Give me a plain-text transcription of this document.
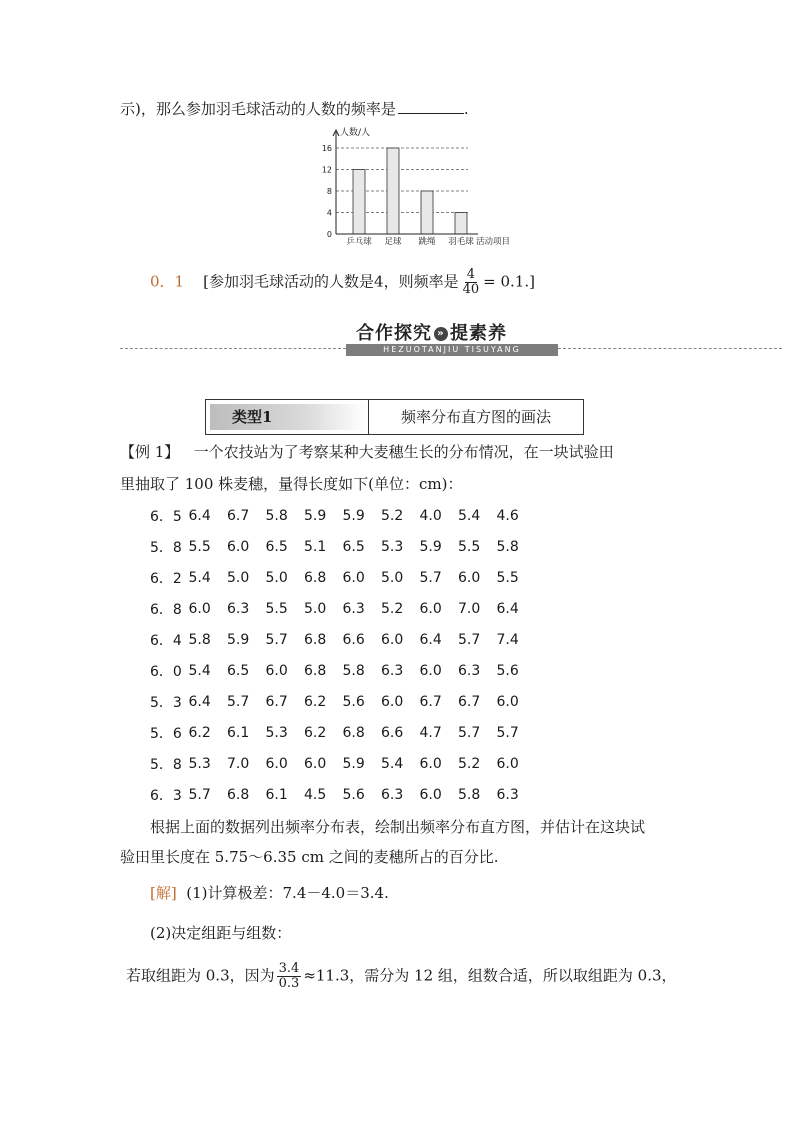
示)，那么参加羽毛球活动的人数的频率是	.
0
4
8
12
16
乒乓球 足球 跳绳 羽毛球
人数/人
活动项目
0．1 [参加羽毛球活动的人数是4，则频率是 $\frac{4}{40} = 0.1$.]
合作探究 » 提素养
HEZUOTANJIU TISUYANG
类型1	频率分布直方图的画法
【例 1】 一个农技站为了考察某种大麦穗生长的分布情况，在一块试验田
里抽取了 100 株麦穗，量得长度如下(单位：cm)：
6．5	6.4	6.7	5.8	5.9	5.9	5.2	4.0	5.4	4.6
5．8	5.5	6.0	6.5	5.1	6.5	5.3	5.9	5.5	5.8
6．2	5.4	5.0	5.0	6.8	6.0	5.0	5.7	6.0	5.5
6．8	6.0	6.3	5.5	5.0	6.3	5.2	6.0	7.0	6.4
6．4	5.8	5.9	5.7	6.8	6.6	6.0	6.4	5.7	7.4
6．0	5.4	6.5	6.0	6.8	5.8	6.3	6.0	6.3	5.6
5．3	6.4	5.7	6.7	6.2	5.6	6.0	6.7	6.7	6.0
5．6	6.2	6.1	5.3	6.2	6.8	6.6	4.7	5.7	5.7
5．8	5.3	7.0	6.0	6.0	5.9	5.4	6.0	5.2	6.0
6．3	5.7	6.8	6.1	4.5	5.6	6.3	6.0	5.8	6.3
根据上面的数据列出频率分布表，绘制出频率分布直方图，并估计在这块试
验田里长度在 5.75～6.35 cm 之间的麦穗所占的百分比.
[解] (1)计算极差：7.4－4.0＝3.4.
(2)决定组距与组数：
若取组距为 0.3，因为 $\frac{3.4}{0.3} \approx 11.3$，需分为 12 组，组数合适，所以取组距为 0.3，
